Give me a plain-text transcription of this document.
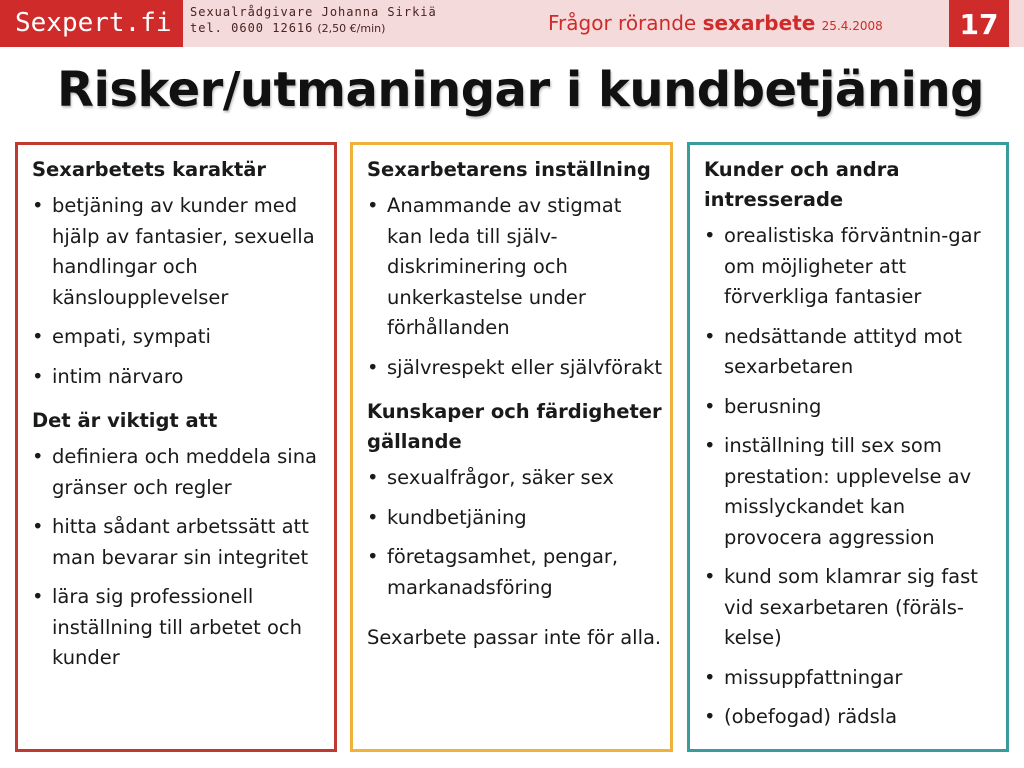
Sexpert.fi Sexualrådgivare Johanna Sirkiä
tel. 0600 12616 (2,50 €/min)	Frågor rörande sexarbete 25.4.2008	17
Risker/utmaningar i kundbetjäning
Sexarbetets karaktär
• betjäning av kunder med hjälp av fantasier, sexuella handlingar och känsloupplevelser
• empati, sympati
• intim närvaro
Det är viktigt att
• definiera och meddela sina gränser och regler
• hitta sådant arbetssätt att man bevarar sin integritet
• lära sig professionell inställning till arbetet och kunder
Sexarbetarens inställning
• Anammande av stigmat kan leda till själv-diskriminering och unkerkastelse under förhållanden
• självrespekt eller självförakt
Kunskaper och färdigheter gällande
• sexualfrågor, säker sex
• kundbetjäning
• företagsamhet, pengar, markanadsföring
Sexarbete passar inte för alla.
Kunder och andra intresserade
• orealistiska förväntnin-gar om möjligheter att förverkliga fantasier
• nedsättande attityd mot sexarbetaren
• berusning
• inställning till sex som prestation: upplevelse av misslyckandet kan provocera aggression
• kund som klamrar sig fast vid sexarbetaren (förälskelse)
• missuppfattningar
• (obefogad) rädsla
